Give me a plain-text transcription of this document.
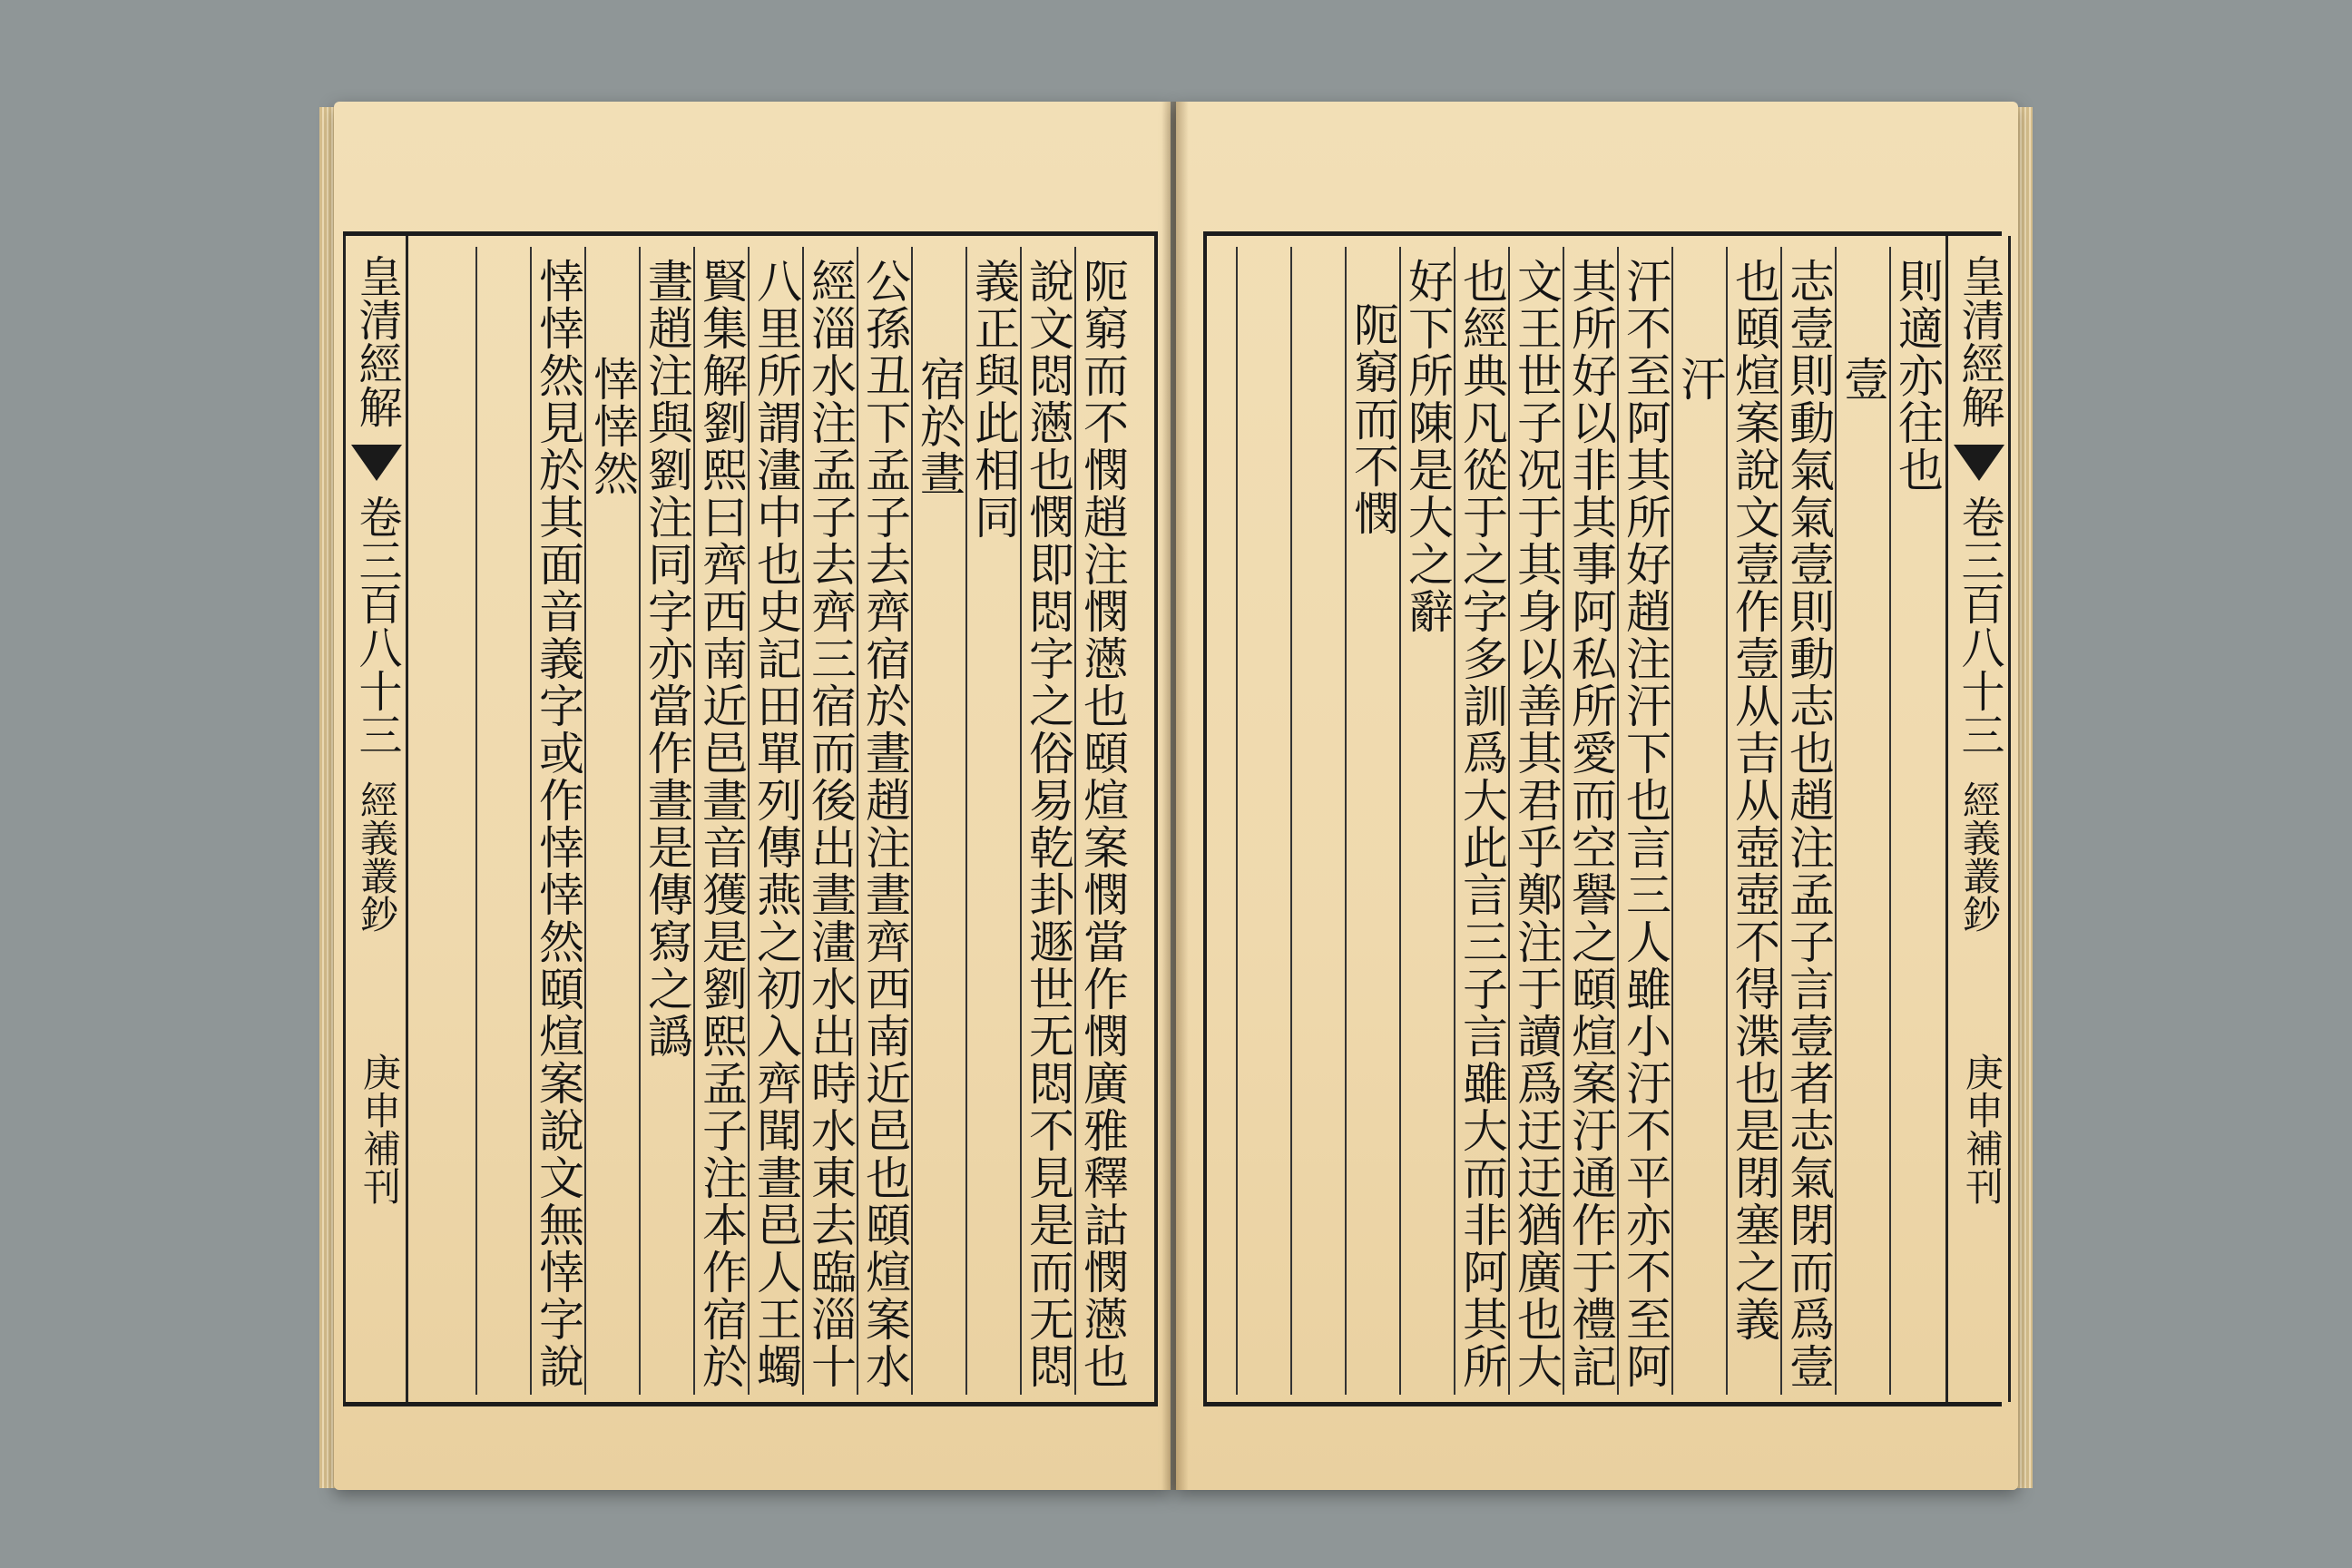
皇清經解
卷三百八十三
經義叢鈔
庚申補刊
則適亦往也
壹
志壹則動氣氣壹則動志也趙注孟子言壹者志氣閉而爲壹
也頤煊案說文壹作壹从吉从壺壺不得渫也是閉塞之義
汗
汗不至阿其所好趙注汗下也言三人雖小汙不平亦不至阿
其所好以非其事阿私所愛而空譽之頤煊案汙通作于禮記
文王世子况于其身以善其君乎鄭注于讀爲迂迂猶廣也大
也經典凡從于之字多訓爲大此言三子言雖大而非阿其所
好下所陳是大之辭
阨窮而不憫
阨窮而不憫趙注憫懣也頤煊案憫當作憫廣雅釋詁憫懣也
說文悶懣也憫即悶字之俗易乾卦遯世无悶不見是而无悶
義正與此相同
宿於晝
公孫丑下孟子去齊宿於晝趙注晝齊西南近邑也頤煊案水
經淄水注孟子去齊三宿而後出晝澅水出時水東去臨淄十
八里所謂澅中也史記田單列傳燕之初入齊聞晝邑人王蠋
賢集解劉熙曰齊西南近邑晝音獲是劉熙孟子注本作宿於
晝趙注與劉注同字亦當作晝是傳寫之譌
悻悻然
悻悻然見於其面音義字或作悻悻然頤煊案說文無悻字說
皇清經解
卷三百八十三
經義叢鈔
庚申補刊
